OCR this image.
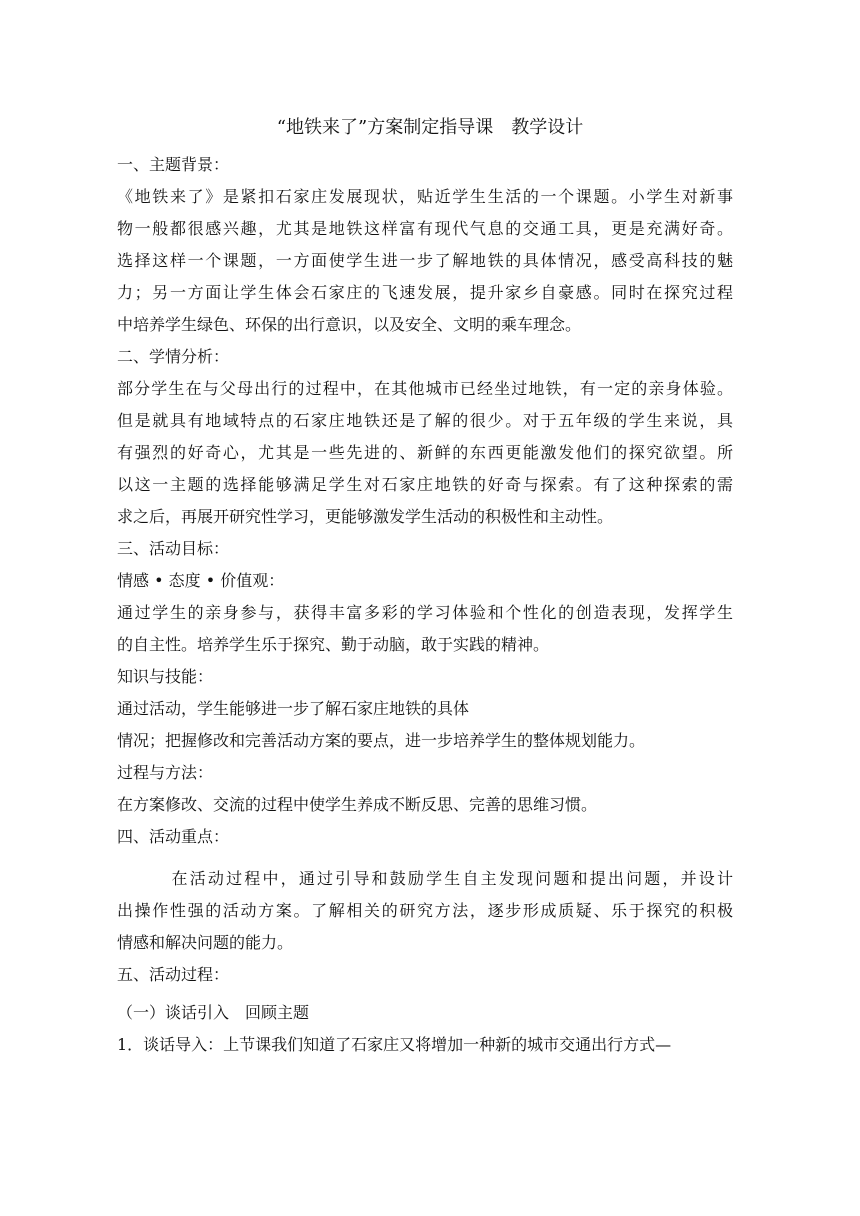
“地铁来了”方案制定指导课　教学设计
一、主题背景：
《地铁来了》是紧扣石家庄发展现状，贴近学生生活的一个课题。小学生对新事
物一般都很感兴趣，尤其是地铁这样富有现代气息的交通工具，更是充满好奇。
选择这样一个课题，一方面使学生进一步了解地铁的具体情况，感受高科技的魅
力；另一方面让学生体会石家庄的飞速发展，提升家乡自豪感。同时在探究过程
中培养学生绿色、环保的出行意识，以及安全、文明的乘车理念。
二、学情分析：
部分学生在与父母出行的过程中，在其他城市已经坐过地铁，有一定的亲身体验。
但是就具有地域特点的石家庄地铁还是了解的很少。对于五年级的学生来说，具
有强烈的好奇心，尤其是一些先进的、新鲜的东西更能激发他们的探究欲望。所
以这一主题的选择能够满足学生对石家庄地铁的好奇与探索。有了这种探索的需
求之后，再展开研究性学习，更能够激发学生活动的积极性和主动性。
三、活动目标：
情感 • 态度 • 价值观：
通过学生的亲身参与，获得丰富多彩的学习体验和个性化的创造表现，发挥学生
的自主性。培养学生乐于探究、勤于动脑，敢于实践的精神。
知识与技能：
通过活动，学生能够进一步了解石家庄地铁的具体
情况；把握修改和完善活动方案的要点，进一步培养学生的整体规划能力。
过程与方法：
在方案修改、交流的过程中使学生养成不断反思、完善的思维习惯。
四、活动重点：
　　　在活动过程中，通过引导和鼓励学生自主发现问题和提出问题，并设计
出操作性强的活动方案。了解相关的研究方法，逐步形成质疑、乐于探究的积极
情感和解决问题的能力。
五、活动过程：
（一）谈话引入　回顾主题
1．谈话导入：上节课我们知道了石家庄又将增加一种新的城市交通出行方式—
